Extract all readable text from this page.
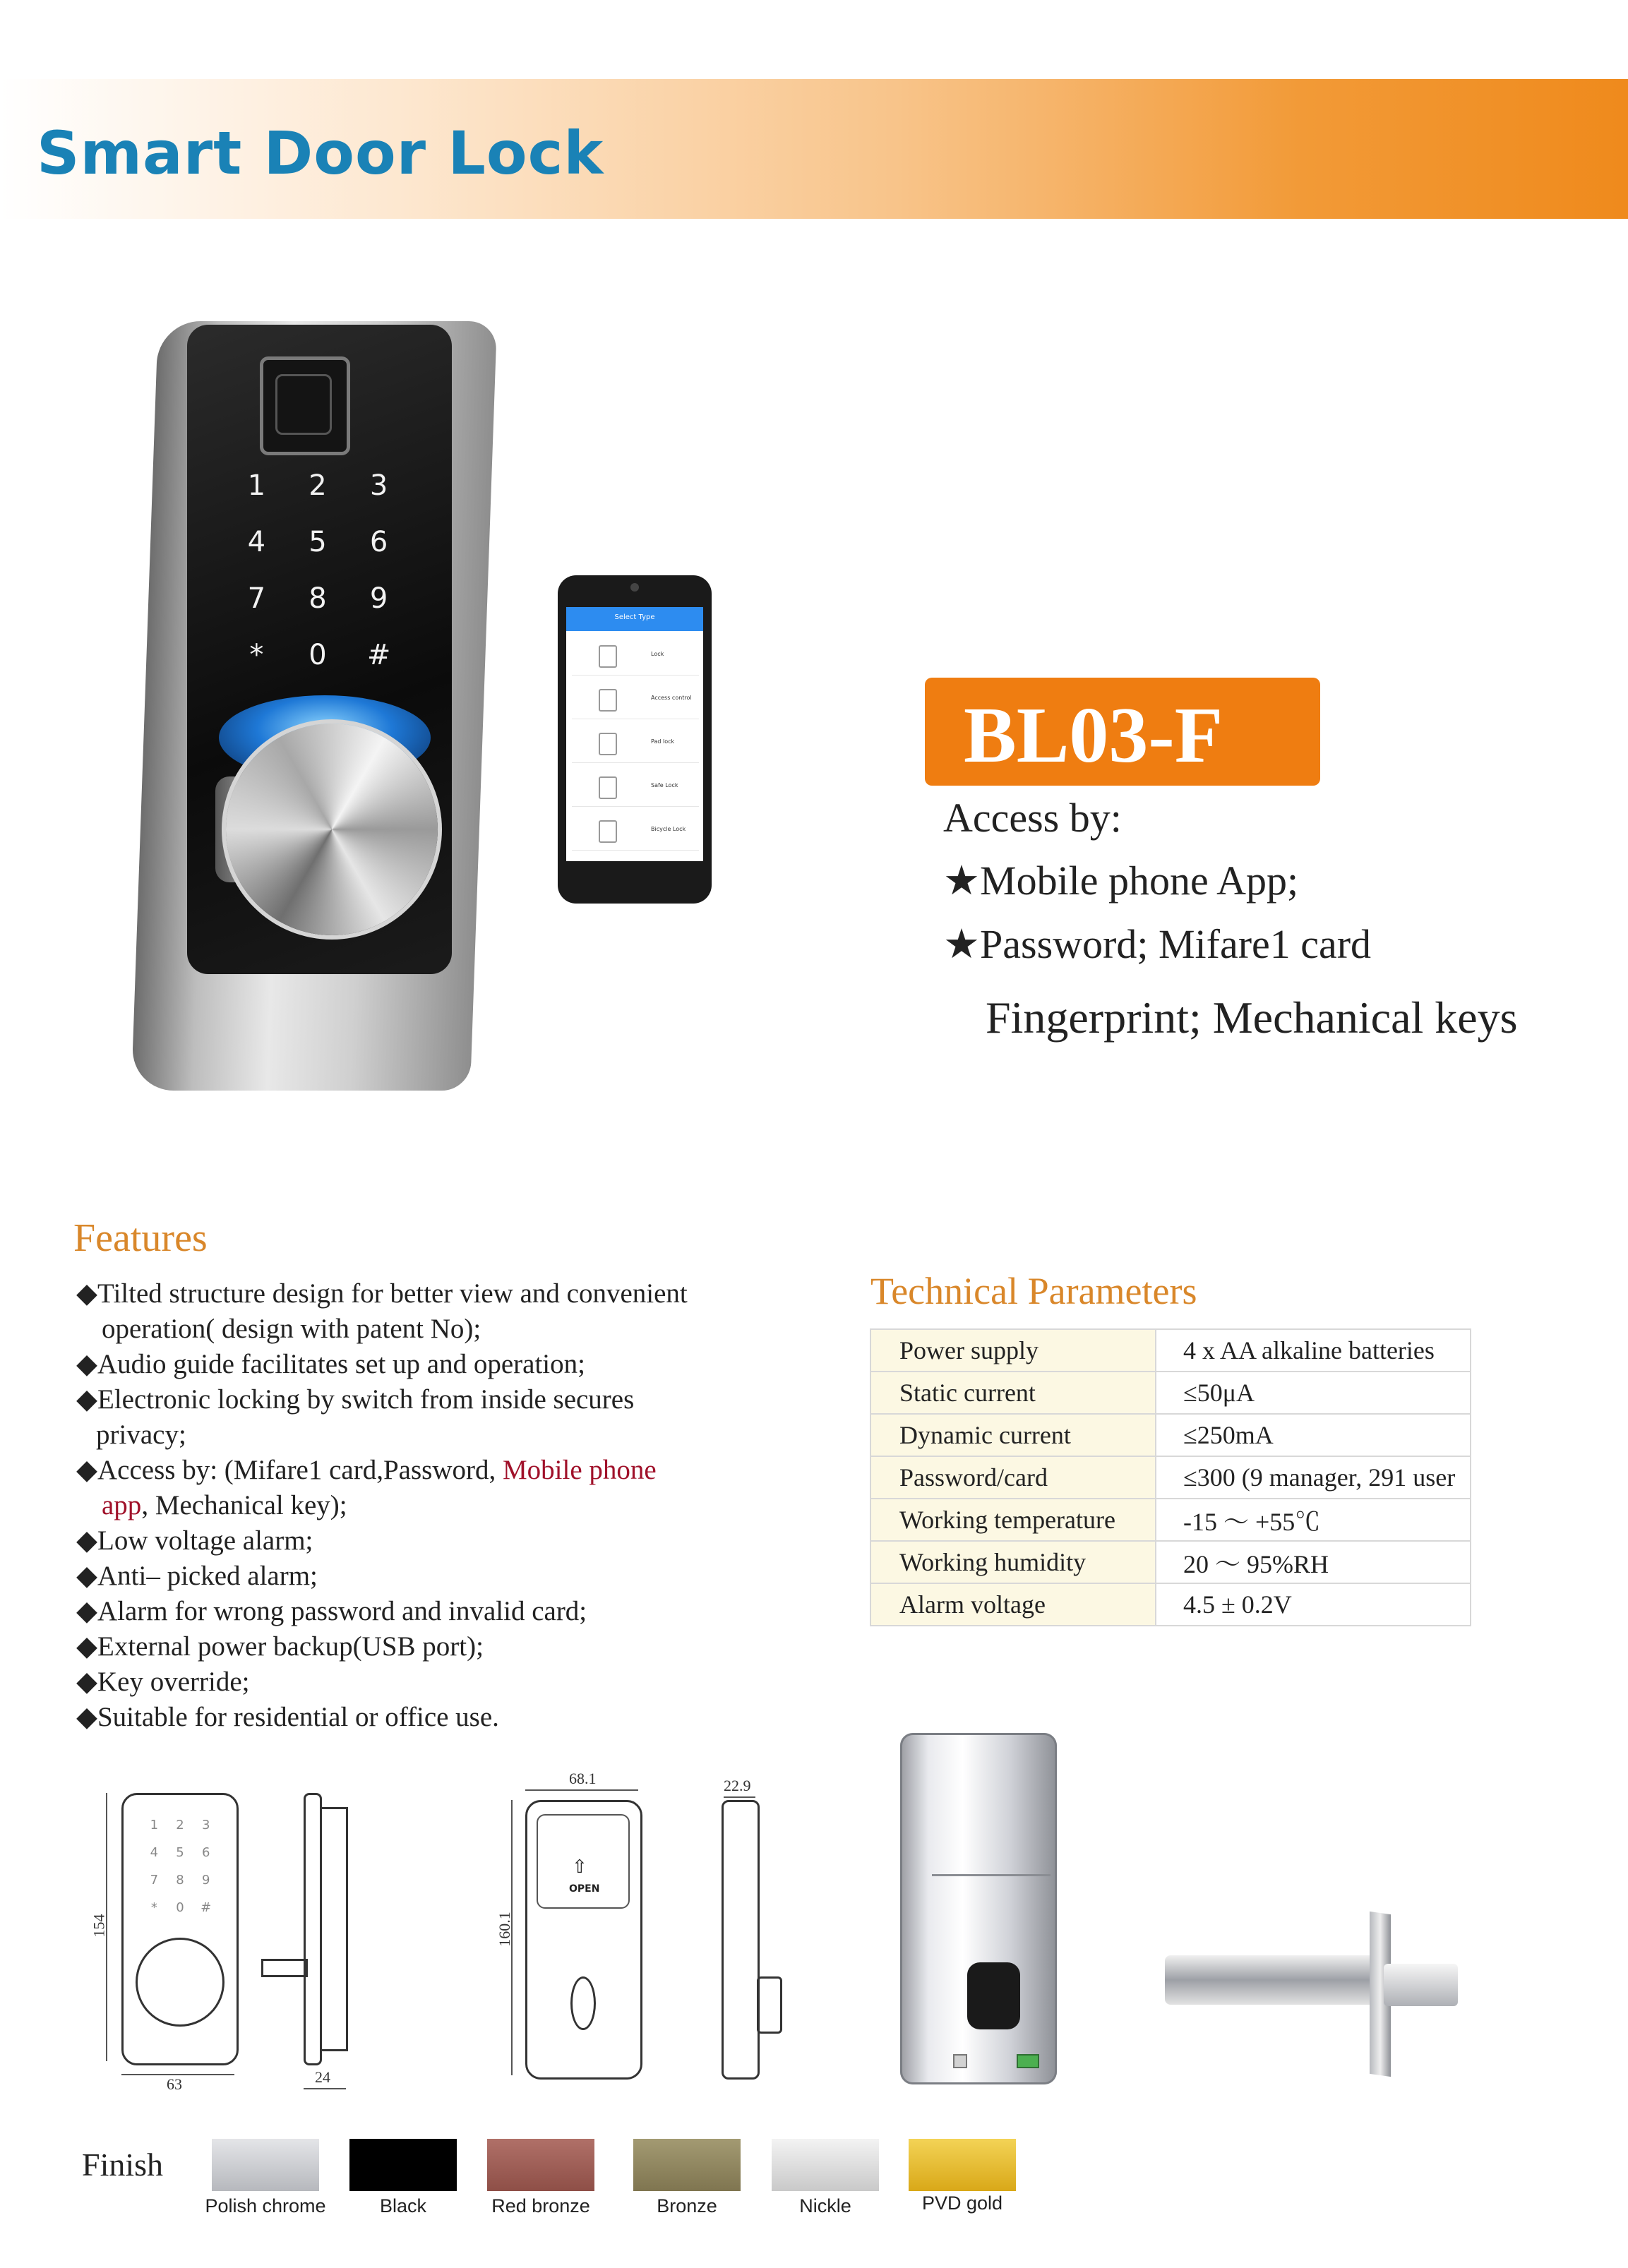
Smart Door Lock
1	2	3
4	5	6
7	8	9
*	0	#
Select Type
Lock
Access control
Pad lock
Safe Lock
Bicycle Lock
BL03-F
Access by:
★Mobile phone App;
★Password; Mifare1 card
Fingerprint; Mechanical keys
Features
◆Tilted structure design for better view and convenient
operation( design with patent No);
◆Audio guide facilitates set up and operation;
◆Electronic locking by switch from inside secures
privacy;
◆Access by: (Mifare1 card,Password, Mobile phone
app, Mechanical key);
◆Low voltage alarm;
◆Anti– picked alarm;
◆Alarm for wrong password and invalid card;
◆External power backup(USB port);
◆Key override;
◆Suitable for residential or office use.
Technical Parameters
Power supply	4 x AA alkaline batteries
Static current	≤50μA
Dynamic current	≤250mA
Password/card	≤300 (9 manager, 291 user
Working temperature	-15 ～ +55℃
Working humidity	20 ～ 95%RH
Alarm voltage	4.5 ± 0.2V
1	2	3
4	5	6
7	8	9
*	0	#
154
63	24
68.1
⇧
OPEN
160.1
22.9
Finish
Polish chrome	Black	Red bronze	Bronze	Nickle	PVD gold
